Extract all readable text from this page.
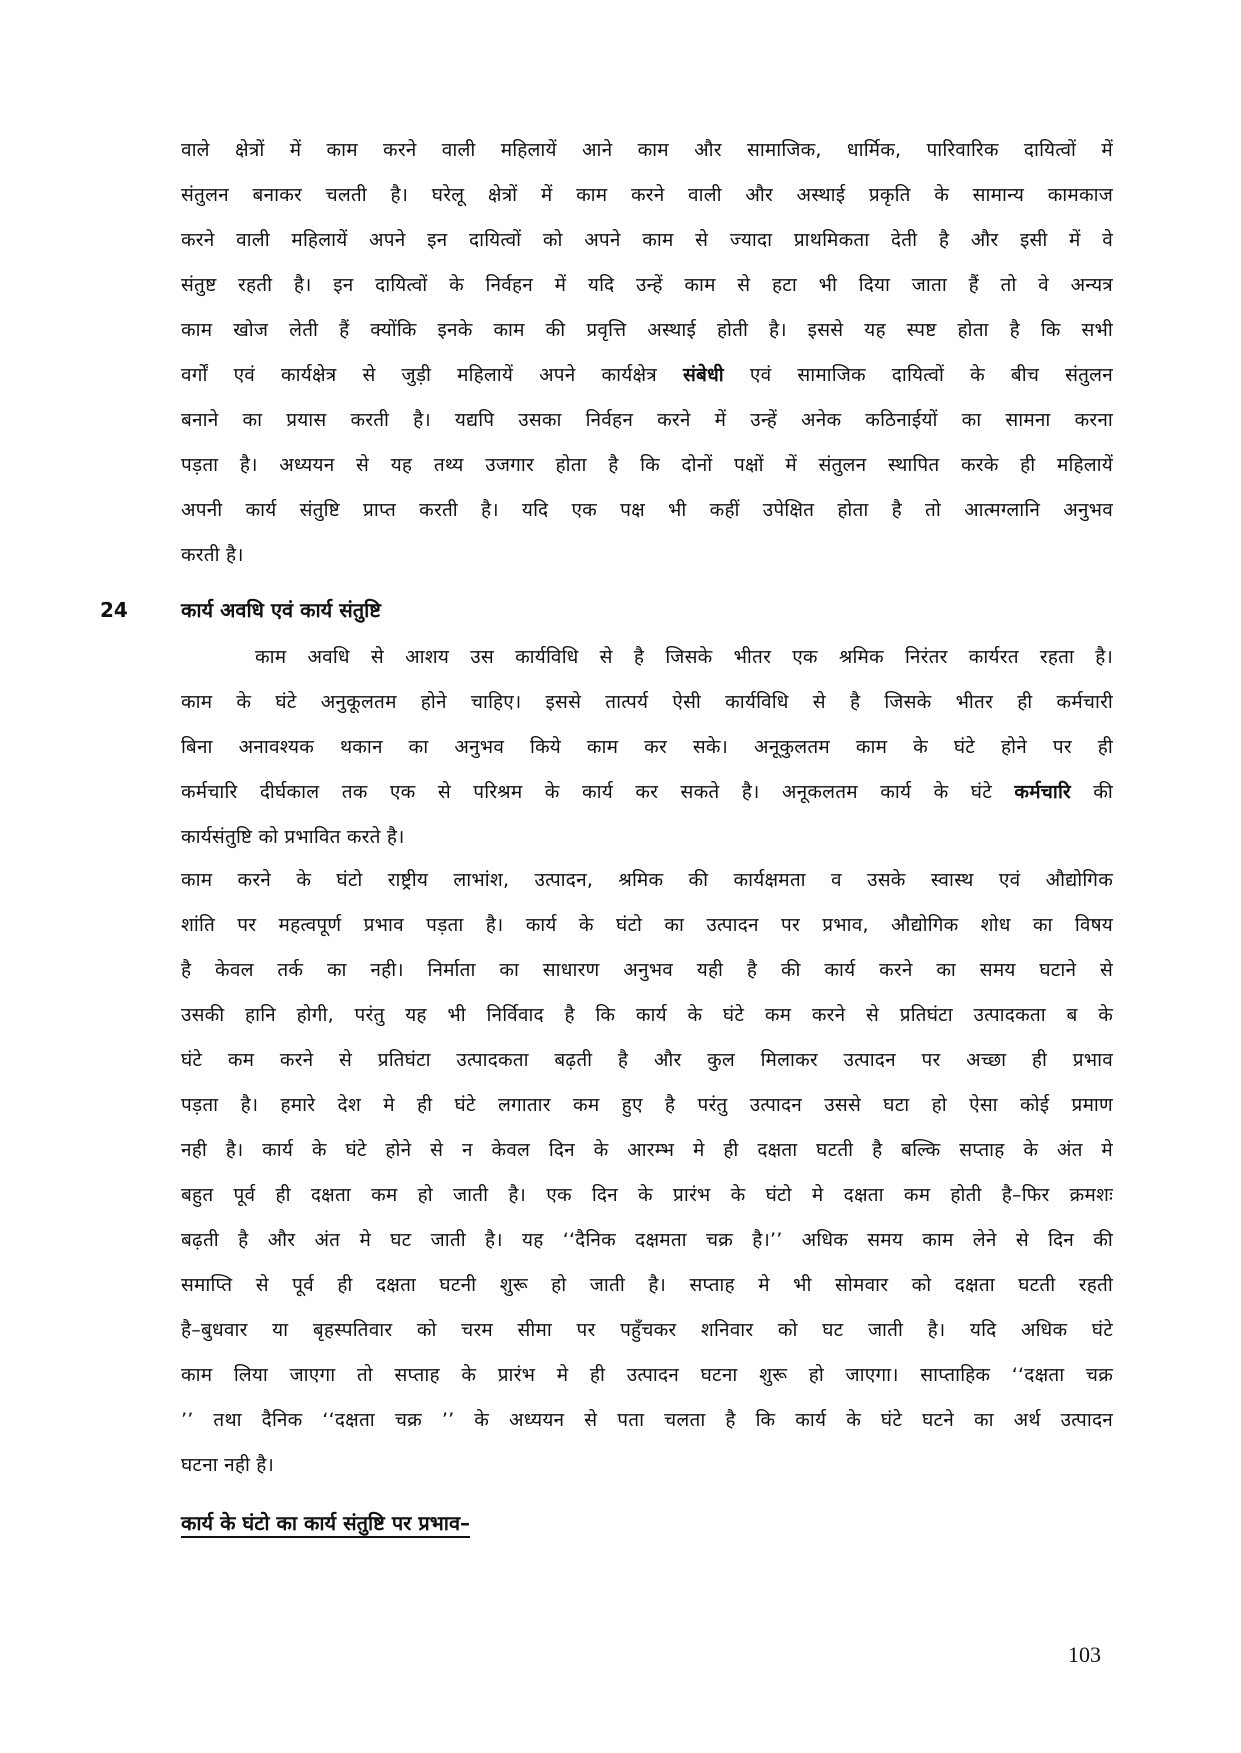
वाले क्षेत्रों में काम करने वाली महिलायें आने काम और सामाजिक, धार्मिक, पारिवारिक दायित्वों में
संतुलन बनाकर चलती है। घरेलू क्षेत्रों में काम करने वाली और अस्थाई प्रकृति के सामान्य कामकाज
करने वाली महिलायें अपने इन दायित्वों को अपने काम से ज्यादा प्राथमिकता देती है और इसी में वे
संतुष्ट रहती है। इन दायित्वों के निर्वहन में यदि उन्हें काम से हटा भी दिया जाता हैं तो वे अन्यत्र
काम खोज लेती हैं क्योंकि इनके काम की प्रवृत्ति अस्थाई होती है। इससे यह स्पष्ट होता है कि सभी
वर्गों एवं कार्यक्षेत्र से जुड़ी महिलायें अपने कार्यक्षेत्र संबेधी एवं सामाजिक दायित्वों के बीच संतुलन
बनाने का प्रयास करती है। यद्यपि उसका निर्वहन करने में उन्हें अनेक कठिनाईयों का सामना करना
पड़ता है। अध्ययन से यह तथ्य उजगार होता है कि दोनों पक्षों में संतुलन स्थापित करके ही महिलायें
अपनी कार्य संतुष्टि प्राप्त करती है। यदि एक पक्ष भी कहीं उपेक्षित होता है तो आत्मग्लानि अनुभव
करती है।
24	कार्य अवधि एवं कार्य संतुष्टि
काम अवधि से आशय उस कार्यविधि से है जिसके भीतर एक श्रमिक निरंतर कार्यरत रहता है।
काम के घंटे अनुकूलतम होने चाहिए। इससे तात्पर्य ऐसी कार्यविधि से है जिसके भीतर ही कर्मचारी
बिना अनावश्यक थकान का अनुभव किये काम कर सके। अनूकुलतम काम के घंटे होने पर ही
कर्मचारि दीर्घकाल तक एक से परिश्रम के कार्य कर सकते है। अनूकलतम कार्य के घंटे कर्मचारि की
कार्यसंतुष्टि को प्रभावित करते है।
काम करने के घंटो राष्ट्रीय लाभांश, उत्पादन, श्रमिक की कार्यक्षमता व उसके स्वास्थ एवं औद्योगिक
शांति पर महत्वपूर्ण प्रभाव पड़ता है। कार्य के घंटो का उत्पादन पर प्रभाव, औद्योगिक शोध का विषय
है केवल तर्क का नही। निर्माता का साधारण अनुभव यही है की कार्य करने का समय घटाने से
उसकी हानि होगी, परंतु यह भी निर्विवाद है कि कार्य के घंटे कम करने से प्रतिघंटा उत्पादकता ब के
घंटे कम करने से प्रतिघंटा उत्पादकता बढ़ती है और कुल मिलाकर उत्पादन पर अच्छा ही प्रभाव
पड़ता है। हमारे देश मे ही घंटे लगातार कम हुए है परंतु उत्पादन उससे घटा हो ऐसा कोई प्रमाण
नही है। कार्य के घंटे होने से न केवल दिन के आरम्भ मे ही दक्षता घटती है बल्कि सप्ताह के अंत मे
बहुत पूर्व ही दक्षता कम हो जाती है। एक दिन के प्रारंभ के घंटो मे दक्षता कम होती है–फिर क्रमशः
बढ़ती है और अंत मे घट जाती है। यह ‘‘दैनिक दक्षमता चक्र है।’’ अधिक समय काम लेने से दिन की
समाप्ति से पूर्व ही दक्षता घटनी शुरू हो जाती है। सप्ताह मे भी सोमवार को दक्षता घटती रहती
है–बुधवार या बृहस्पतिवार को चरम सीमा पर पहुँचकर शनिवार को घट जाती है। यदि अधिक घंटे
काम लिया जाएगा तो सप्ताह के प्रारंभ मे ही उत्पादन घटना शुरू हो जाएगा। साप्ताहिक ‘‘दक्षता चक्र
’’ तथा दैनिक ‘‘दक्षता चक्र ’’ के अध्ययन से पता चलता है कि कार्य के घंटे घटने का अर्थ उत्पादन
घटना नही है।
कार्य के घंटो का कार्य संतुष्टि पर प्रभाव–
103
